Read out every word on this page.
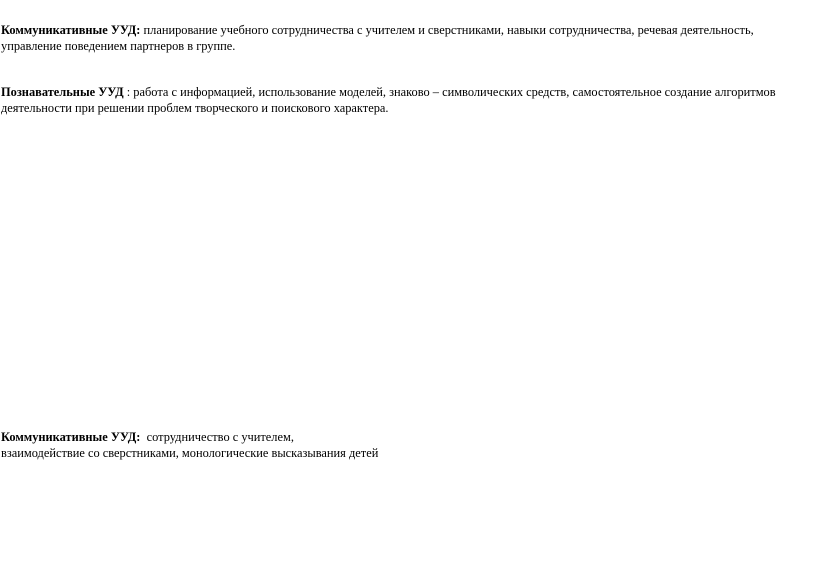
Коммуникативные УУД: планирование учебного сотрудничества с учителем и сверстниками, навыки сотрудничества, речевая деятельность,
управление поведением партнеров в группе.
Познавательные УУД : работа с информацией, использование моделей, знаково – символических средств, самостоятельное создание алгоритмов
деятельности при решении проблем творческого и поискового характера.
Коммуникативные УУД:  сотрудничество с учителем,
взаимодействие со сверстниками, монологические высказывания детей
